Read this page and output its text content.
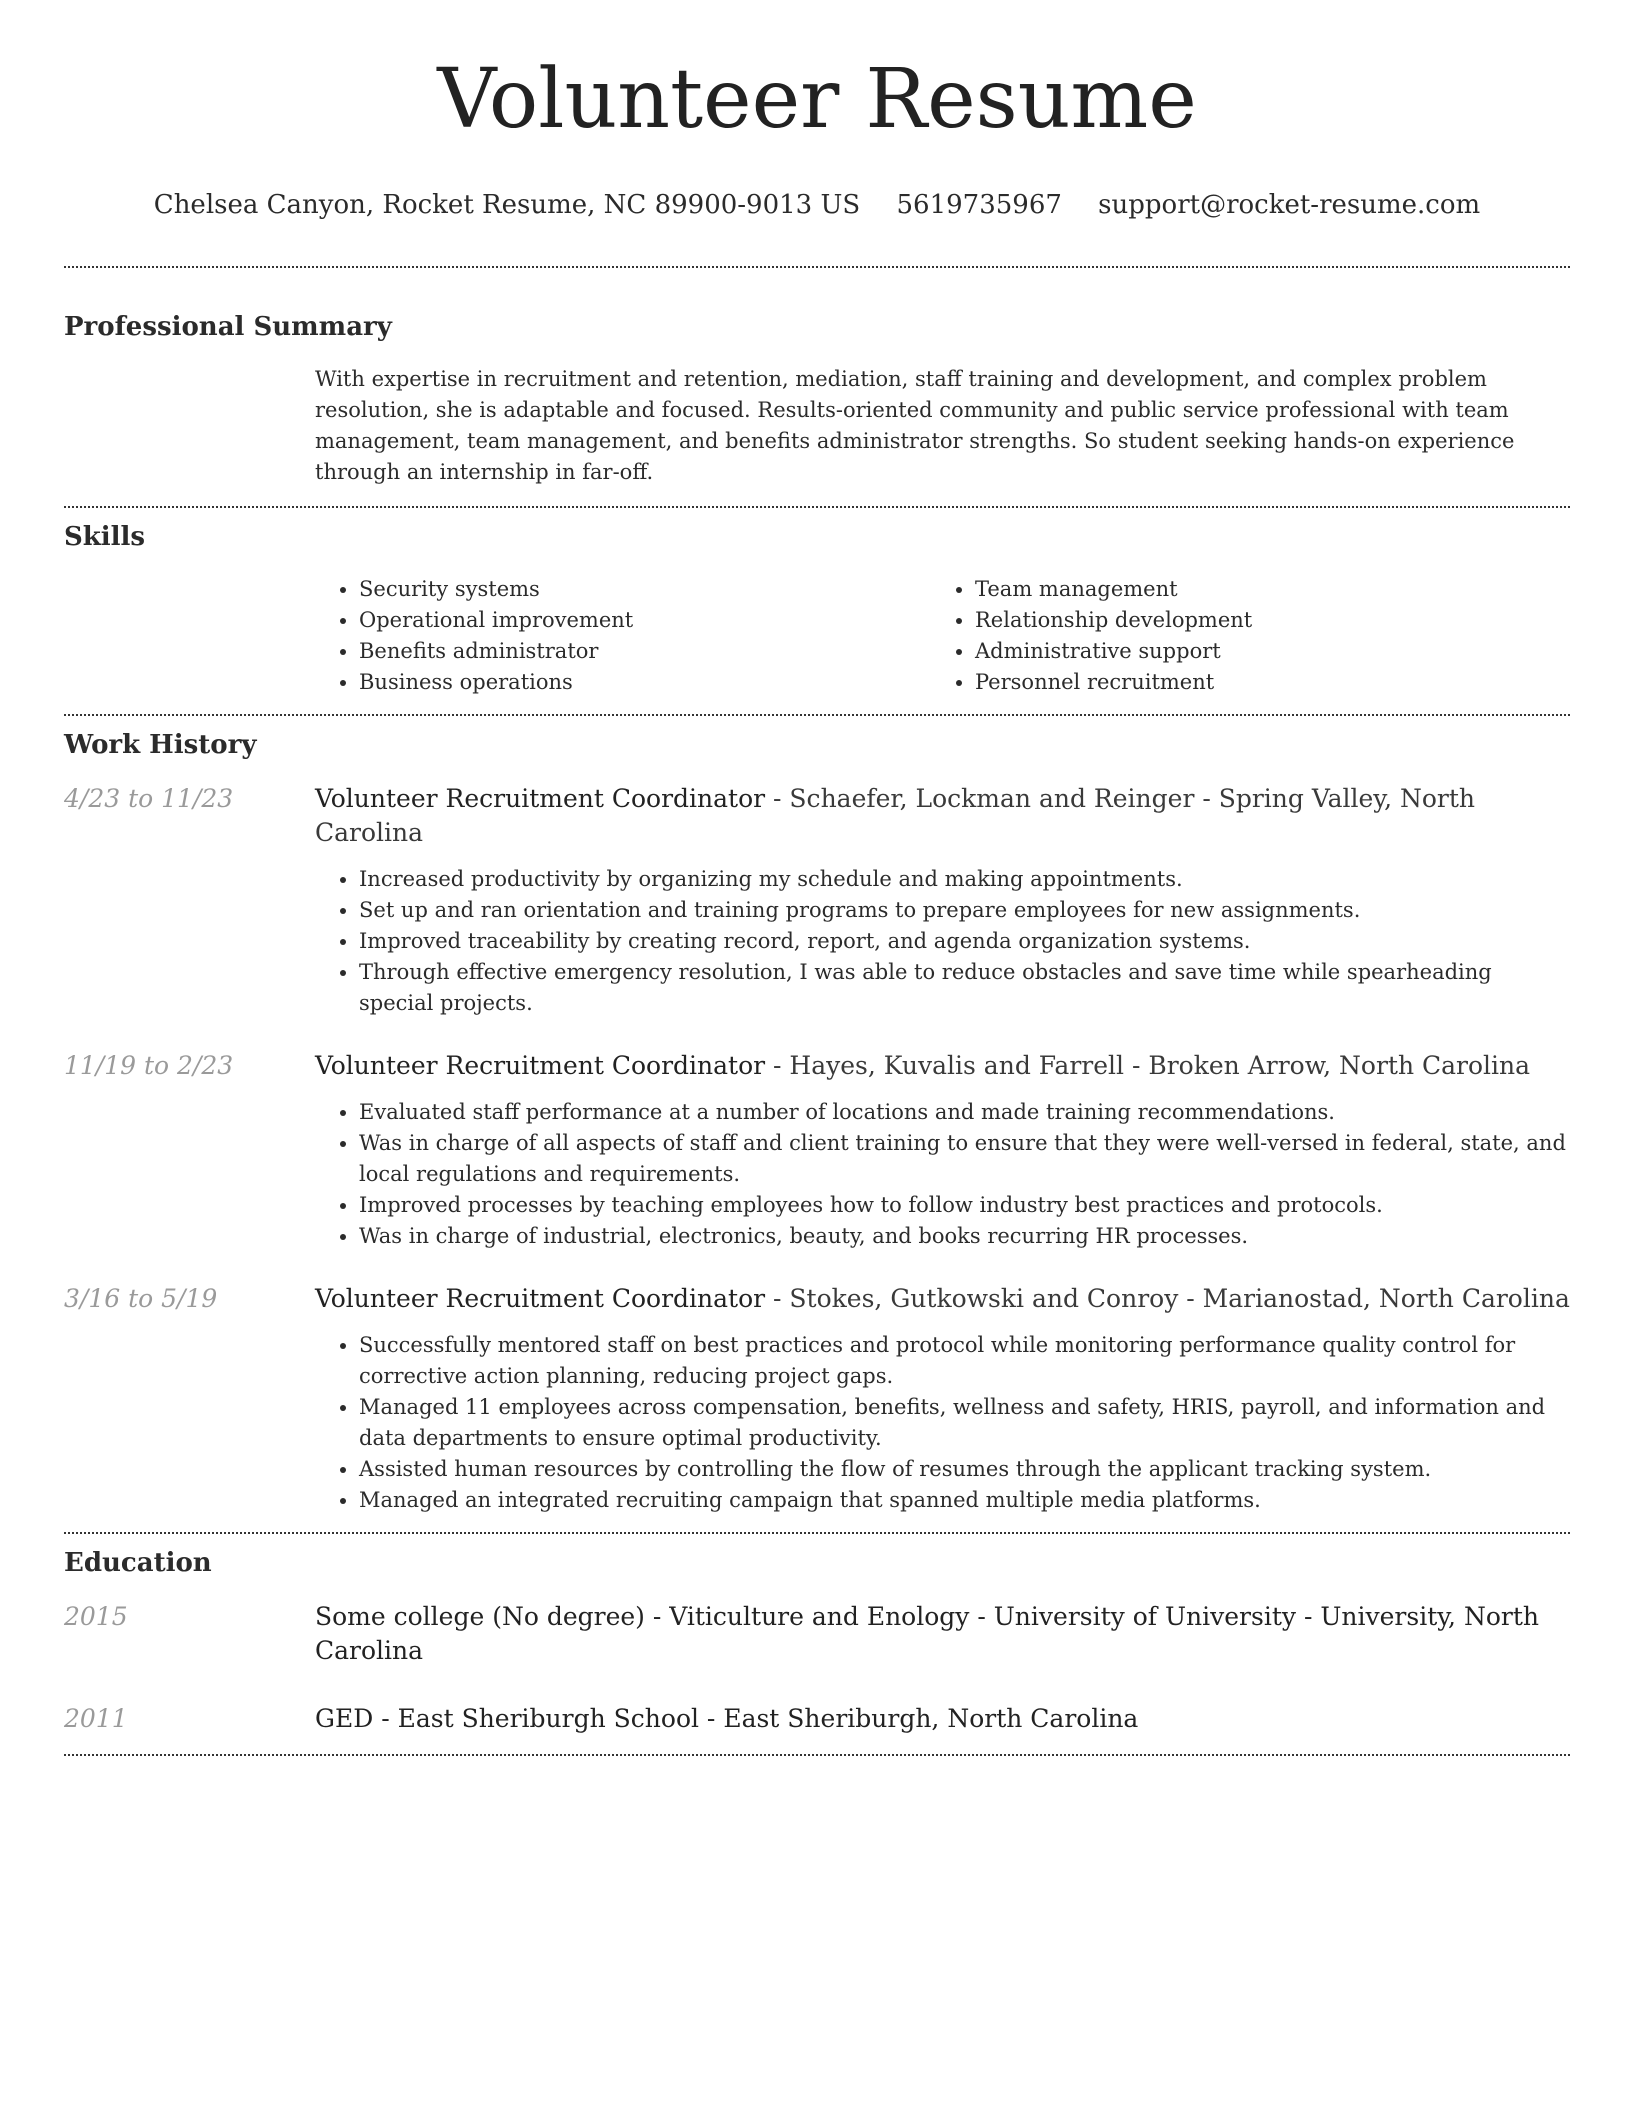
Volunteer Resume
Chelsea Canyon, Rocket Resume, NC 89900-9013 US 5619735967 support@rocket-resume.com
Professional Summary

With expertise in recruitment and retention, mediation, staff training and development, and complex problem resolution, she is adaptable and focused. Results-oriented community and public service professional with team management, team management, and benefits administrator strengths. So student seeking hands-on experience through an internship in far-off.

Skills
• Security systems
• Operational improvement
• Benefits administrator
• Business operations
• Team management
• Relationship development
• Administrative support
• Personnel recruitment
Work History
4/23 to 11/23	Volunteer Recruitment Coordinator - Schaefer, Lockman and Reinger - Spring Valley, North Carolina
• Increased productivity by organizing my schedule and making appointments.
• Set up and ran orientation and training programs to prepare employees for new assignments.
• Improved traceability by creating record, report, and agenda organization systems.
• Through effective emergency resolution, I was able to reduce obstacles and save time while spearheading special projects.
11/19 to 2/23	Volunteer Recruitment Coordinator - Hayes, Kuvalis and Farrell - Broken Arrow, North Carolina
• Evaluated staff performance at a number of locations and made training recommendations.
• Was in charge of all aspects of staff and client training to ensure that they were well-versed in federal, state, and local regulations and requirements.
• Improved processes by teaching employees how to follow industry best practices and protocols.
• Was in charge of industrial, electronics, beauty, and books recurring HR processes.
3/16 to 5/19	Volunteer Recruitment Coordinator - Stokes, Gutkowski and Conroy - Marianostad, North Carolina
• Successfully mentored staff on best practices and protocol while monitoring performance quality control for corrective action planning, reducing project gaps.
• Managed 11 employees across compensation, benefits, wellness and safety, HRIS, payroll, and information and data departments to ensure optimal productivity.
• Assisted human resources by controlling the flow of resumes through the applicant tracking system.
• Managed an integrated recruiting campaign that spanned multiple media platforms.
Education
2015	Some college (No degree) - Viticulture and Enology - University of University - University, North Carolina
2011	GED - East Sheriburgh School - East Sheriburgh, North Carolina
